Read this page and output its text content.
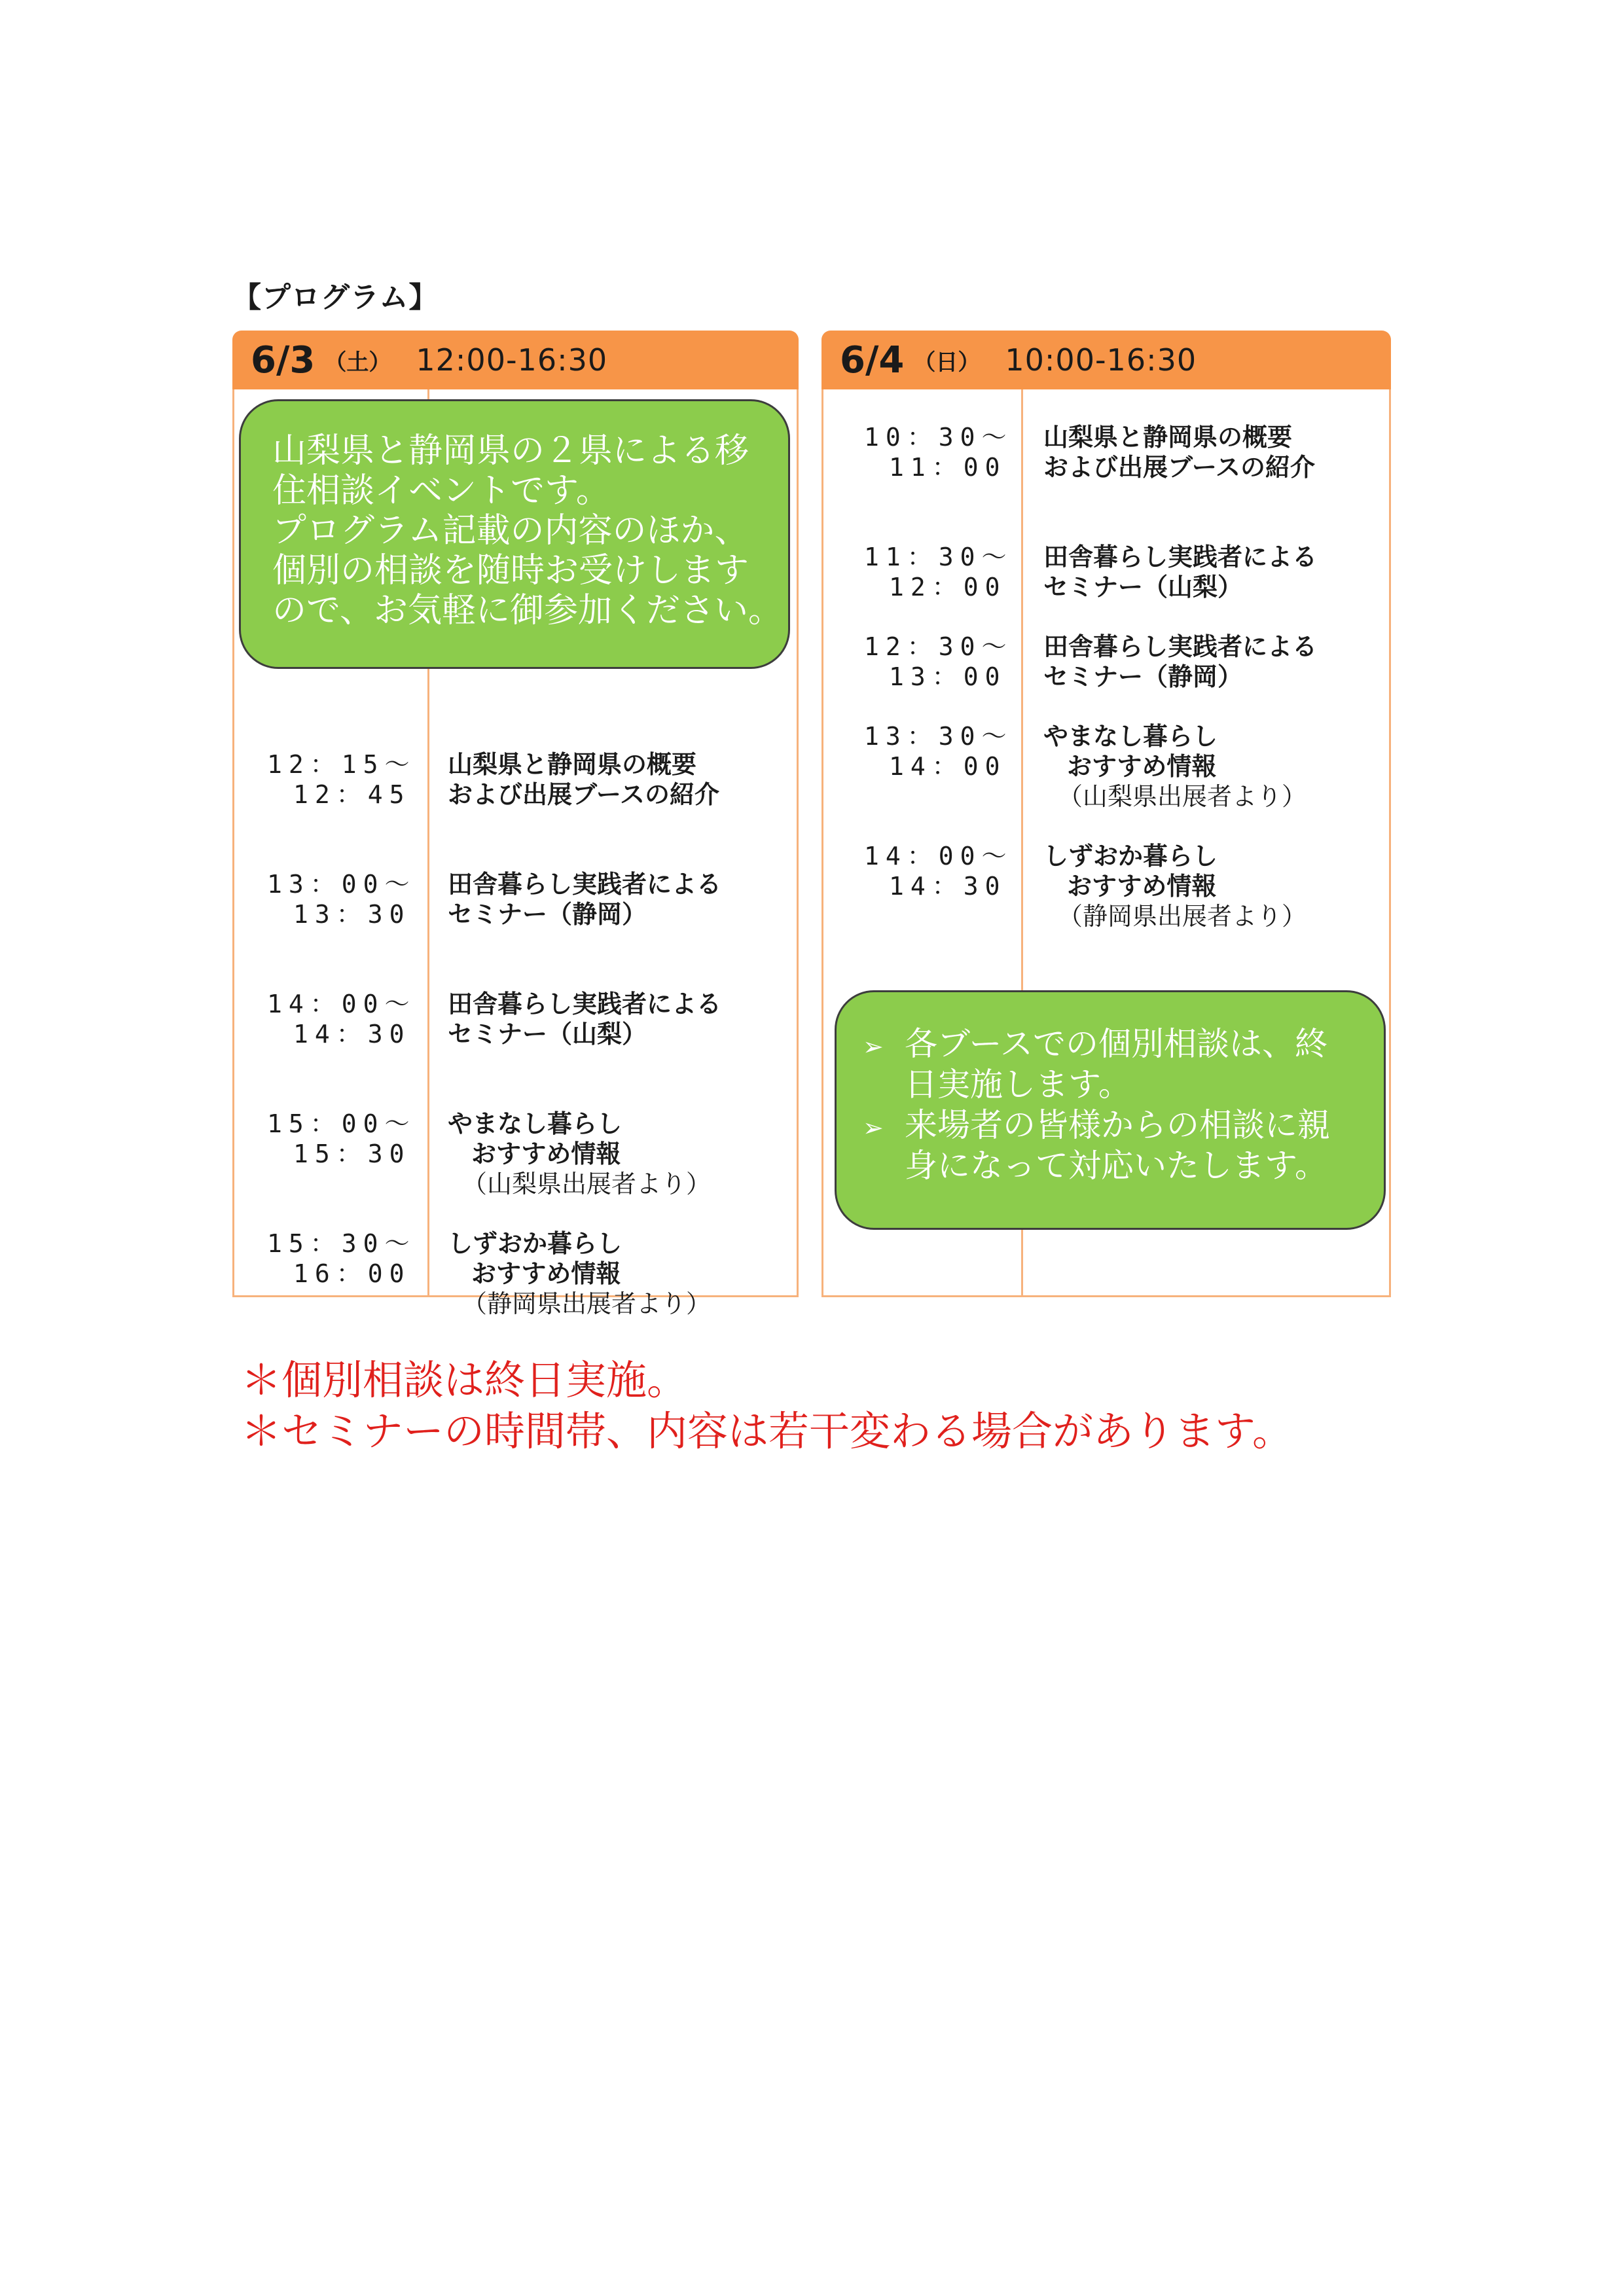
【プログラム】
6/3 （土） 12:00-16:30
12：15～
12：45
山梨県と静岡県の概要
および出展ブースの紹介
13：00～
13：30
田舎暮らし実践者による
セミナー（静岡）
14：00～
14：30
田舎暮らし実践者による
セミナー（山梨）
15：00～
15：30
やまなし暮らし
おすすめ情報
（山梨県出展者より）
15：30～
16：00
しずおか暮らし
おすすめ情報
（静岡県出展者より）
山梨県と静岡県の２県による移
住相談イベントです。
プログラム記載の内容のほか、
個別の相談を随時お受けします
ので、お気軽に御参加ください。
6/4 （日） 10:00-16:30
10：30～
11：00
山梨県と静岡県の概要
および出展ブースの紹介
11：30～
12：00
田舎暮らし実践者による
セミナー（山梨）
12：30～
13：00
田舎暮らし実践者による
セミナー（静岡）
13：30～
14：00
やまなし暮らし
おすすめ情報
（山梨県出展者より）
14：00～
14：30
しずおか暮らし
おすすめ情報
（静岡県出展者より）
➢ 各ブースでの個別相談は、終
日実施します。
➢ 来場者の皆様からの相談に親
身になって対応いたします。
＊個別相談は終日実施。
＊セミナーの時間帯、内容は若干変わる場合があります。
